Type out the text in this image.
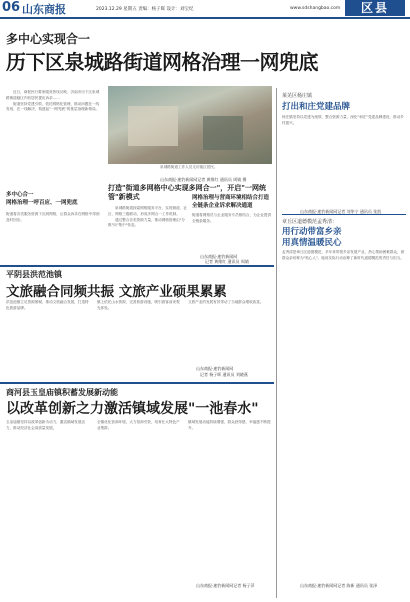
06 山东商报	2023.12.29 星期五 责编：杨子晖 设计：刘宝纪	www.sdshangbao.com	区县
多中心实现合一
历下区泉城路街道网格治理一网兜底

近日，商报民行要家服务热线反映，济南市历下区泉城路街道辖区内有居民提出诉求……

街道坚持党建引领，依托网格化管理，推动问题在一线发现、在一线解决，构建起"一网兜底"的基层治理新格局。

泉城路街道工作人员走访辖区居民。
山东商报·速豹新闻网记者 黄维红 通讯员 周婧 摄
打造"街道多网格中心实现多网合一"，开启"一网统管"新模式

泉城路街道探索网格服务平台，实现街道、社区、网格三级联动，形成多网合一工作机制。

通过整合各类资源力量，推动网格管理由"分散"向"集中"转变。

网格治理与营商环境相结合打造全链条企业诉求解决通道
街道将网格员与企业服务专员相结合，为企业提供全链条服务。
山东商报·速豹新闻网
记者 黄维红 通讯员 周婧
多中心合一
网格治理一呼百应、一网兜底
街道将各类服务资源下沉到网格，让群众诉求在网格中得到及时回应。
莱芜区杨庄镇
打出和庄党建品牌
杨庄镇坚持以党建为统领，整合资源力量，深化"和庄"党建品牌建设，推动乡村振兴。
山东商报·速豹新闻网记者 刘华宁 通讯员 张凯
章丘区道德模范孟秀清：
用行动带富乡亲
用真情温暖民心
孟秀清是章丘区道德模范，多年来带领乡亲发展产业，热心帮助困难群众，被群众亲切称为"贴心人"。她用实际行动诠释了新时代道德模范的责任与担当。
山东商报·速豹新闻网记者 陈新 通讯员 张泽
平阴县洪范池镇
文旅融合同频共振 文旅产业硕果累累
洪范池镇立足资源禀赋，推动文旅融合发展，打造特色旅游品牌。
镇上依托山水资源，完善旅游设施，吸引游客前来观光体验。
文旅产业的发展有效带动了当地群众增收致富。
山东商报·速豹新闻网
记者 杨子晖 通讯员 刘晓燕
商河县玉皇庙镇积蓄发展新动能
以改革创新之力激活镇域发展"一池春水"
玉皇庙镇坚持以改革创新为动力，激活镇域发展活力，推动经济社会高质量发展。
全镇优化营商环境，大力招商引资，培育壮大特色产业集群。
镇域发展动能持续增强，群众获得感、幸福感不断提升。
山东商报·速豹新闻网记者 杨子萍
